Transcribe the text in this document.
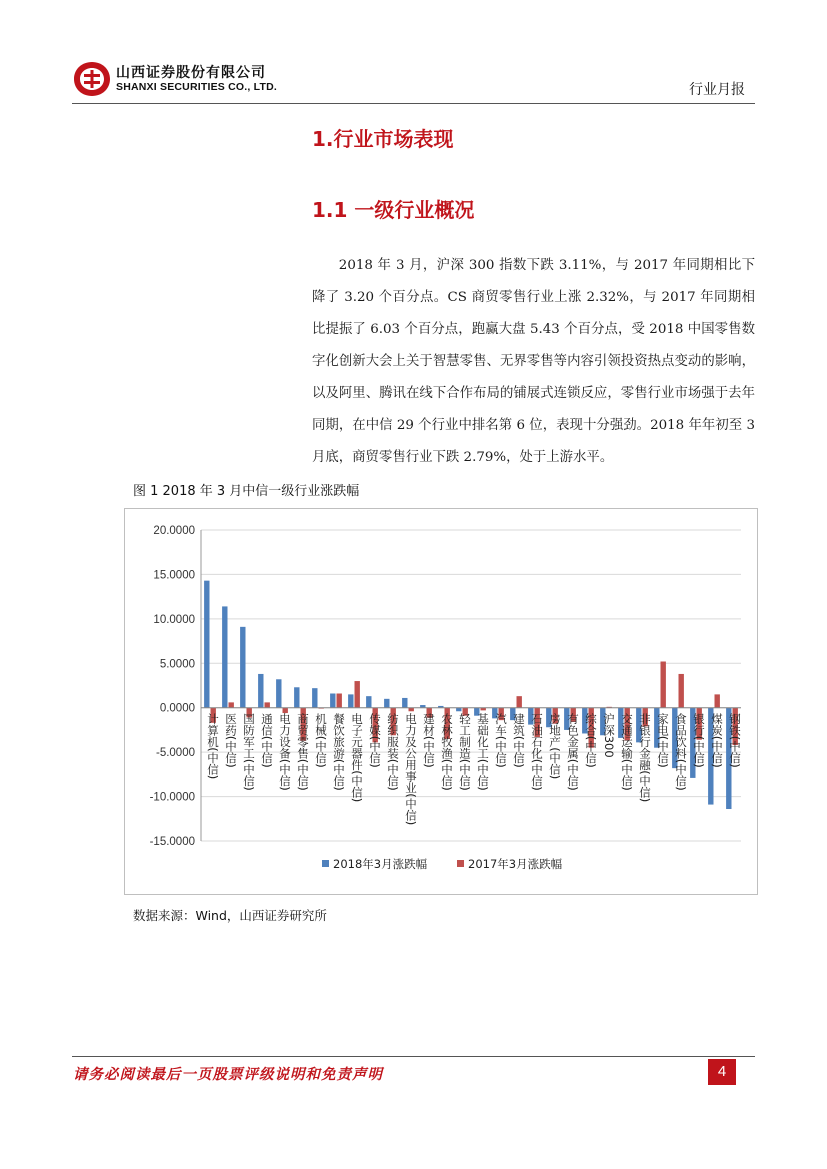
山西证券股份有限公司
SHANXI SECURITIES CO., LTD.	行业月报
1.行业市场表现
1.1 一级行业概况

2018 年 3 月，沪深 300 指数下跌 3.11%，与 2017 年同期相比下降了 3.20 个百分点。CS 商贸零售行业上涨 2.32%，与 2017 年同期相比提振了 6.03 个百分点，跑赢大盘 5.43 个百分点，受 2018 中国零售数字化创新大会上关于智慧零售、无界零售等内容引领投资热点变动的影响，以及阿里、腾讯在线下合作布局的铺展式连锁反应，零售行业市场强于去年同期，在中信 29 个行业中排名第 6 位，表现十分强劲。2018 年年初至 3 月底，商贸零售行业下跌 2.79%，处于上游水平。

图 1 2018 年 3 月中信一级行业涨跌幅
20.0000
15.0000
10.0000
5.0000
0.0000
-5.0000
-10.0000
-15.0000
计算机(中信) 医药(中信) 国防军工(中信) 通信(中信) 电力设备(中信) 商贸零售(中信) 机械(中信) 餐饮旅游(中信) 电子元器件(中信) 传媒(中信) 纺织服装(中信) 电力及公用事业(中信) 建材(中信) 农林牧渔(中信) 轻工制造(中信) 基础化工(中信) 汽车(中信) 建筑(中信) 石油石化(中信) 房地产(中信) 有色金属(中信) 综合(中信) 沪深300 交通运输(中信) 非银行金融(中信) 家电(中信) 食品饮料(中信) 银行(中信) 煤炭(中信) 钢铁(中信)
2018年3月涨跌幅	2017年3月涨跌幅
数据来源：Wind，山西证券研究所
请务必阅读最后一页股票评级说明和免责声明	4
